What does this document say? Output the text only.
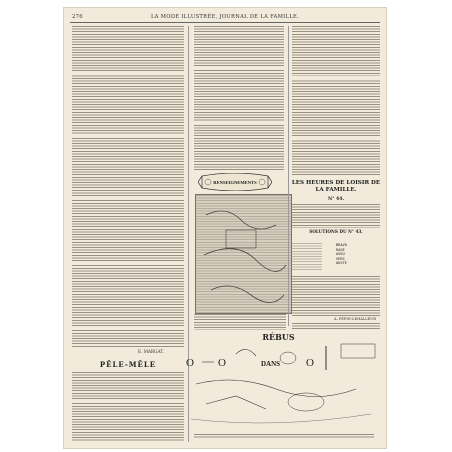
276	LA MODE ILLUSTRÉE, JOURNAL DE LA FAMILLE.
E. MARGAT.
PÊLE-MÊLE
RENSEIGNEMENTS	LES HEURES DE LOISIR DE LA FAMILLE.
N° 44.
SOLUTIONS DU N° 43.
BRAVO
RAGE
AVEU
VERS
OUSTE
A. PÉPIN-LEHALLEUR
RÉBUS
O O	O
DANS
